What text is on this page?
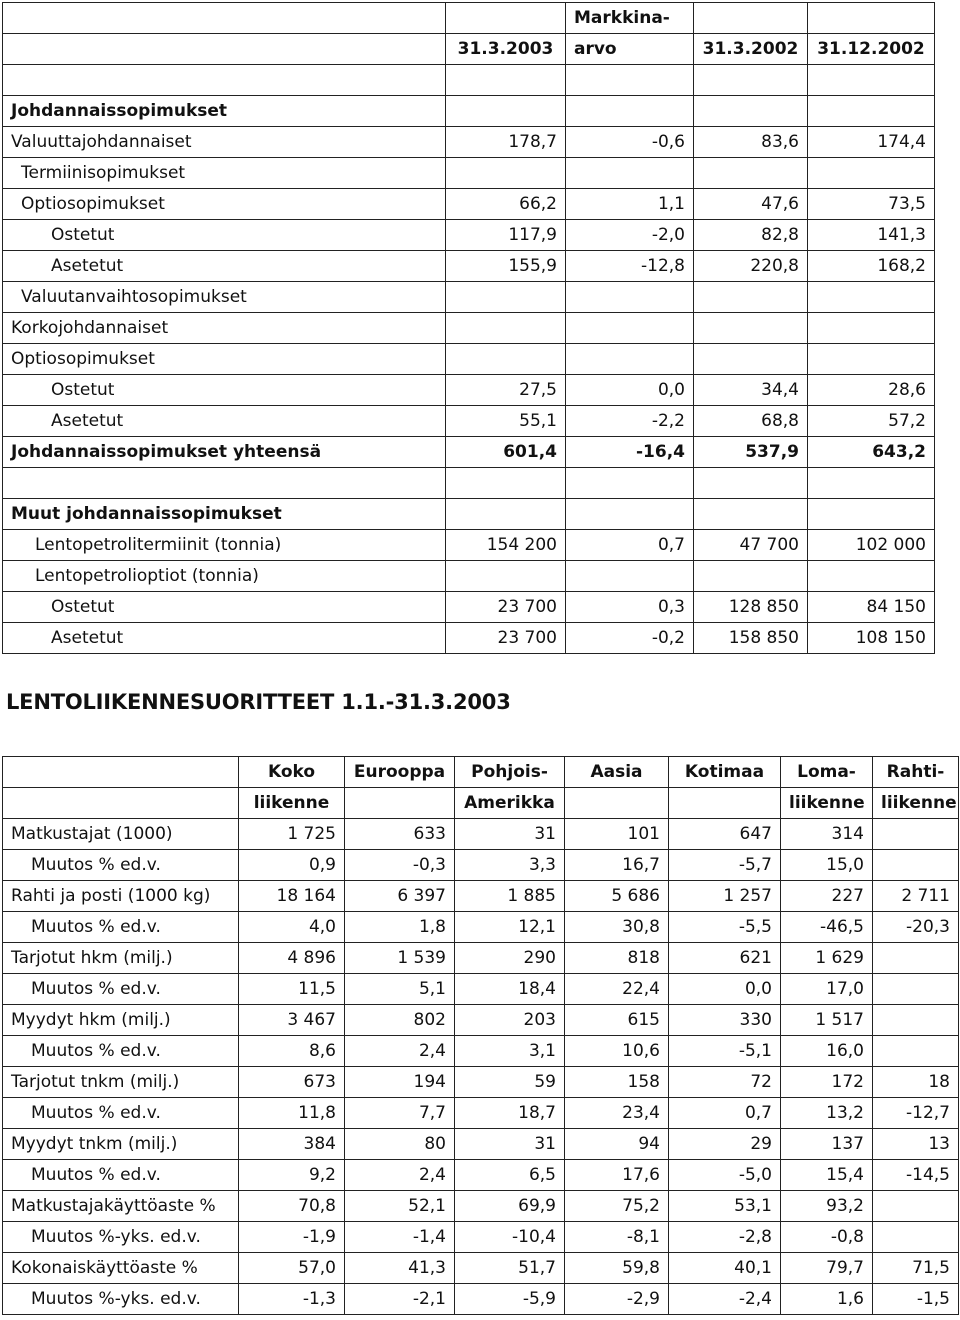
		Markkina-		
	31.3.2003	arvo	31.3.2002	31.12.2002

Johdannaissopimukset				
Valuuttajohdannaiset	178,7	-0,6	83,6	174,4
Termiinisopimukset				
Optiosopimukset	66,2	1,1	47,6	73,5
Ostetut	117,9	-2,0	82,8	141,3
Asetetut	155,9	-12,8	220,8	168,2
Valuutanvaihtosopimukset				
Korkojohdannaiset				
Optiosopimukset				
Ostetut	27,5	0,0	34,4	28,6
Asetetut	55,1	-2,2	68,8	57,2
Johdannaissopimukset yhteensä	601,4	-16,4	537,9	643,2

Muut johdannaissopimukset				
Lentopetrolitermiinit (tonnia)	154 200	0,7	47 700	102 000
Lentopetrolioptiot (tonnia)				
Ostetut	23 700	0,3	128 850	84 150
Asetetut	23 700	-0,2	158 850	108 150
LENTOLIIKENNESUORITTEET 1.1.-31.3.2003
	Koko	Eurooppa	Pohjois-	Aasia	Kotimaa	Loma-	Rahti-
	liikenne		Amerikka			liikenne	liikenne
Matkustajat (1000)	1 725	633	31	101	647	314	
Muutos % ed.v.	0,9	-0,3	3,3	16,7	-5,7	15,0	
Rahti ja posti (1000 kg)	18 164	6 397	1 885	5 686	1 257	227	2 711
Muutos % ed.v.	4,0	1,8	12,1	30,8	-5,5	-46,5	-20,3
Tarjotut hkm (milj.)	4 896	1 539	290	818	621	1 629	
Muutos % ed.v.	11,5	5,1	18,4	22,4	0,0	17,0	
Myydyt hkm (milj.)	3 467	802	203	615	330	1 517	
Muutos % ed.v.	8,6	2,4	3,1	10,6	-5,1	16,0	
Tarjotut tnkm (milj.)	673	194	59	158	72	172	18
Muutos % ed.v.	11,8	7,7	18,7	23,4	0,7	13,2	-12,7
Myydyt tnkm (milj.)	384	80	31	94	29	137	13
Muutos % ed.v.	9,2	2,4	6,5	17,6	-5,0	15,4	-14,5
Matkustajakäyttöaste %	70,8	52,1	69,9	75,2	53,1	93,2	
Muutos %-yks. ed.v.	-1,9	-1,4	-10,4	-8,1	-2,8	-0,8	
Kokonaiskäyttöaste %	57,0	41,3	51,7	59,8	40,1	79,7	71,5
Muutos %-yks. ed.v.	-1,3	-2,1	-5,9	-2,9	-2,4	1,6	-1,5
